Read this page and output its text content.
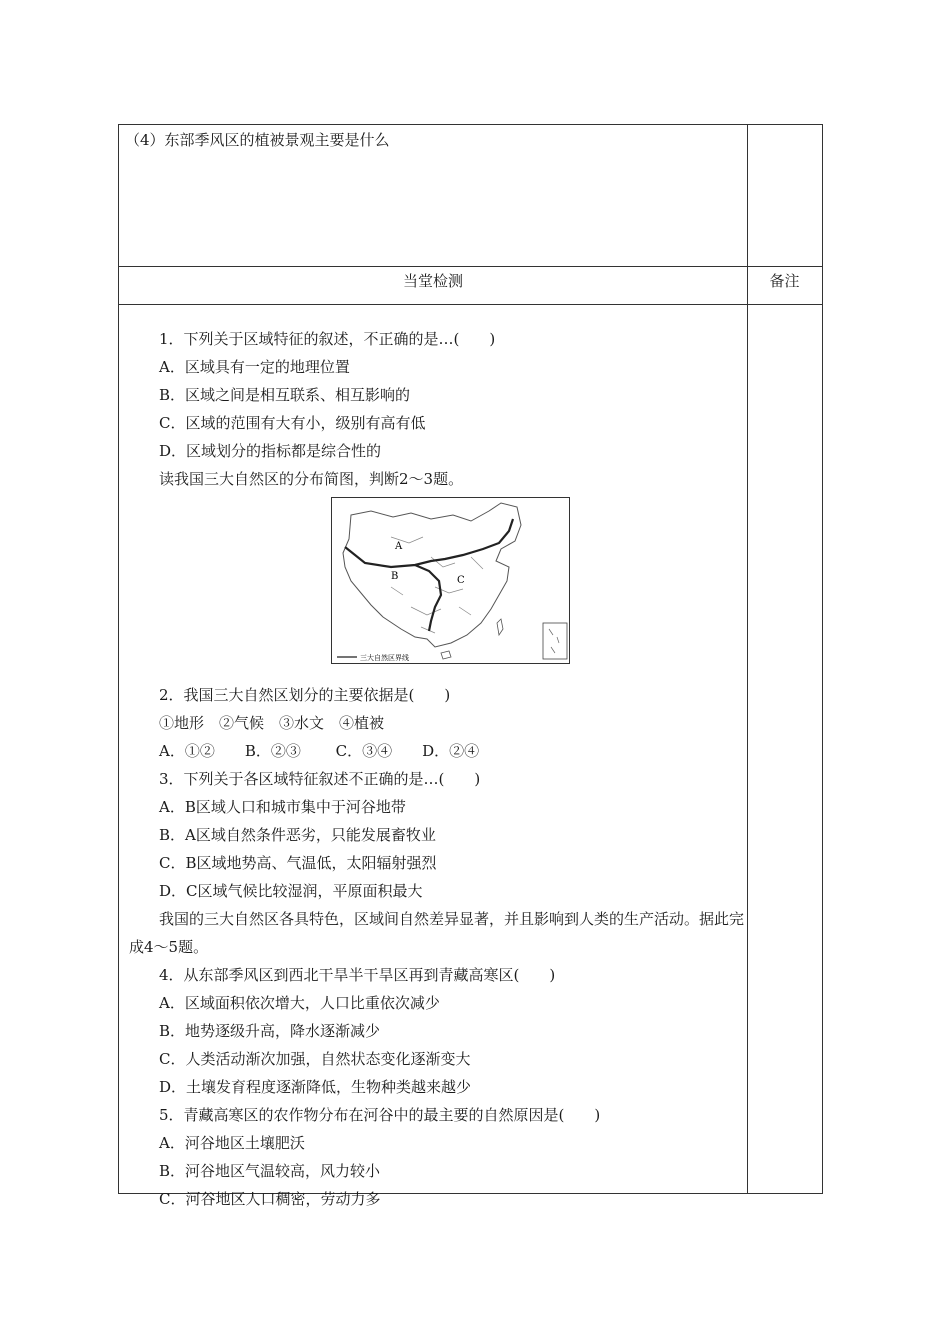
（4）东部季风区的植被景观主要是什么
当堂检测	备注
1．下列关于区域特征的叙述，不正确的是…(　　)
A．区域具有一定的地理位置
B．区域之间是相互联系、相互影响的
C．区域的范围有大有小，级别有高有低
D．区域划分的指标都是综合性的
读我国三大自然区的分布简图，判断2～3题。
2．我国三大自然区划分的主要依据是(　　)
①地形　②气候　③水文　④植被
A．①②　　B．②③　　 C．③④　　D．②④
3．下列关于各区域特征叙述不正确的是…(　　)
A．B区域人口和城市集中于河谷地带
B．A区域自然条件恶劣，只能发展畜牧业
C．B区域地势高、气温低，太阳辐射强烈
D．C区域气候比较湿润，平原面积最大
我国的三大自然区各具特色，区域间自然差异显著，并且影响到人类的生产活动。据此完成4～5题。
4．从东部季风区到西北干旱半干旱区再到青藏高寒区(　　)
A．区域面积依次增大，人口比重依次减少
B．地势逐级升高，降水逐渐减少
C．人类活动渐次加强，自然状态变化逐渐变大
D．土壤发育程度逐渐降低，生物种类越来越少
5．青藏高寒区的农作物分布在河谷中的最主要的自然原因是(　　)
A．河谷地区土壤肥沃
B．河谷地区气温较高，风力较小
C．河谷地区人口稠密，劳动力多
A
B	C
三大自然区界线
